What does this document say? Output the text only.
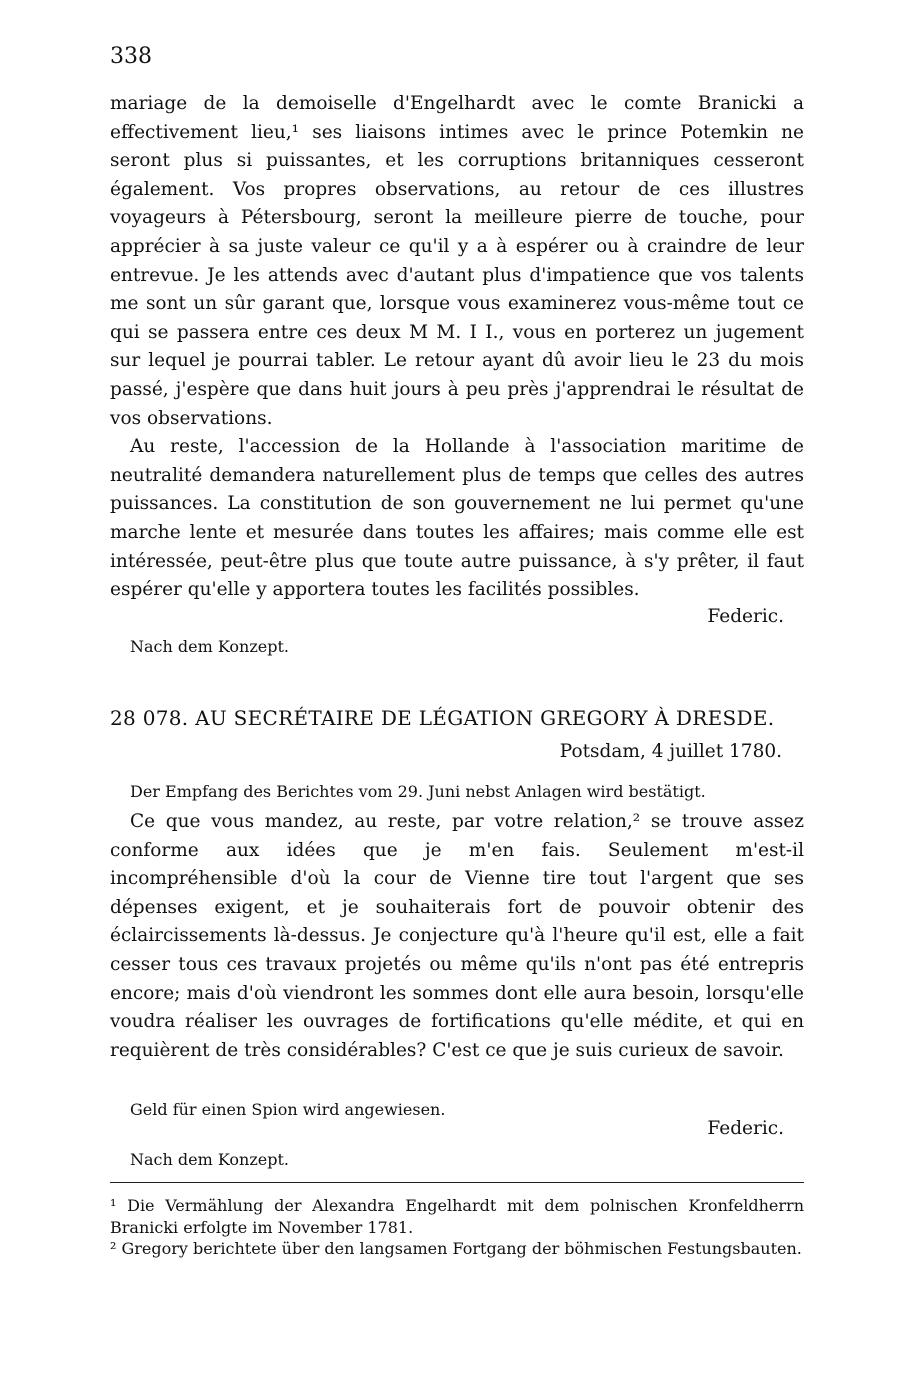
338

mariage de la demoiselle d'Engelhardt avec le comte Branicki a effectivement lieu,¹ ses liaisons intimes avec le prince Potemkin ne seront plus si puissantes, et les corruptions britanniques cesseront également. Vos propres observations, au retour de ces illustres voyageurs à Pétersbourg, seront la meilleure pierre de touche, pour apprécier à sa juste valeur ce qu'il y a à espérer ou à craindre de leur entrevue. Je les attends avec d'autant plus d'impatience que vos talents me sont un sûr garant que, lorsque vous examinerez vous-même tout ce qui se passera entre ces deux M M. I I., vous en porterez un jugement sur lequel je pourrai tabler. Le retour ayant dû avoir lieu le 23 du mois passé, j'espère que dans huit jours à peu près j'apprendrai le résultat de vos observations.

Au reste, l'accession de la Hollande à l'association maritime de neutralité demandera naturellement plus de temps que celles des autres puissances. La constitution de son gouvernement ne lui permet qu'une marche lente et mesurée dans toutes les affaires; mais comme elle est intéressée, peut-être plus que toute autre puissance, à s'y prêter, il faut espérer qu'elle y apportera toutes les facilités possibles.

Federic.
Nach dem Konzept.
28 078. AU SECRÉTAIRE DE LÉGATION GREGORY À DRESDE.
Potsdam, 4 juillet 1780.
Der Empfang des Berichtes vom 29. Juni nebst Anlagen wird bestätigt.

Ce que vous mandez, au reste, par votre relation,² se trouve assez conforme aux idées que je m'en fais. Seulement m'est-il incompréhensible d'où la cour de Vienne tire tout l'argent que ses dépenses exigent, et je souhaiterais fort de pouvoir obtenir des éclaircissements là-dessus. Je conjecture qu'à l'heure qu'il est, elle a fait cesser tous ces travaux projetés ou même qu'ils n'ont pas été entrepris encore; mais d'où viendront les sommes dont elle aura besoin, lorsqu'elle voudra réaliser les ouvrages de fortifications qu'elle médite, et qui en requièrent de très considérables? C'est ce que je suis curieux de savoir.

Geld für einen Spion wird angewiesen.
Federic.
Nach dem Konzept.

¹ Die Vermählung der Alexandra Engelhardt mit dem polnischen Kronfeldherrn Branicki erfolgte im November 1781.

² Gregory berichtete über den langsamen Fortgang der böhmischen Festungsbauten.
